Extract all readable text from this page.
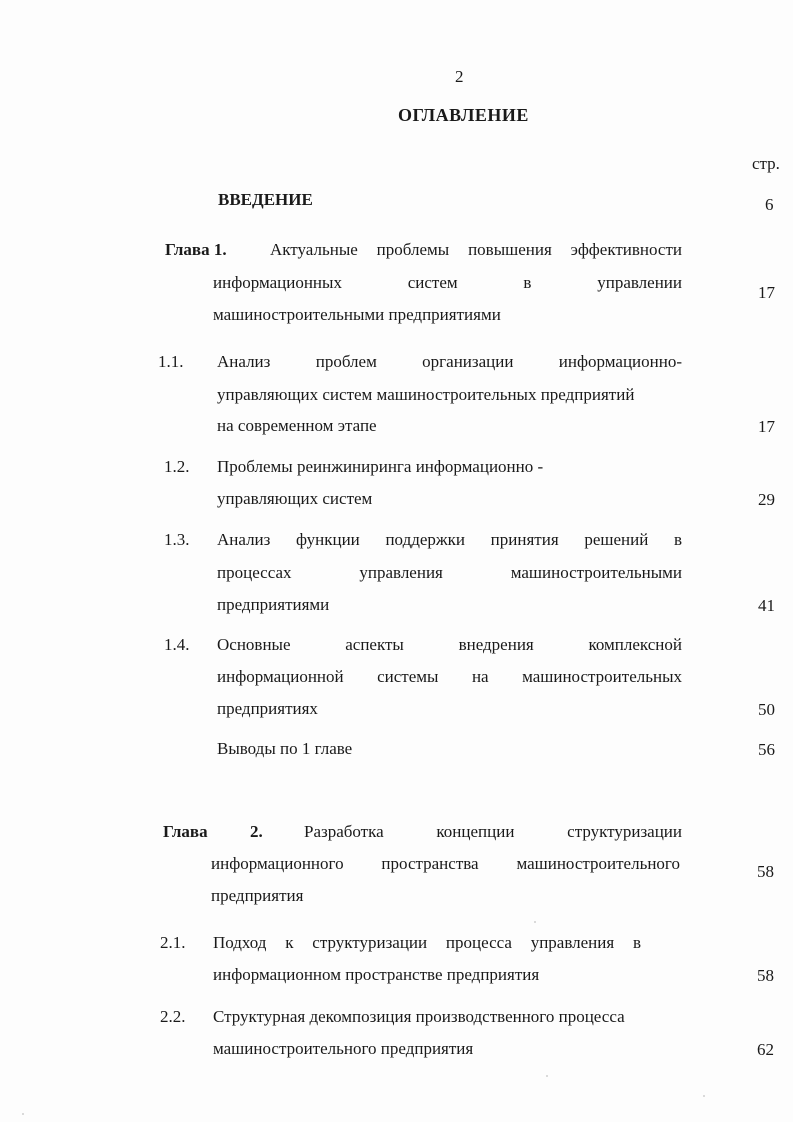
2
ОГЛАВЛЕНИЕ
стр.
ВВЕДЕНИЕ	6
Глава 1.	Актуальные проблемы повышения эффективности
информационных систем в управлении
машиностроительными предприятиями
17
1.1. Анализ проблем организации информационно-
управляющих систем машиностроительных предприятий
на современном этапе	17
1.2. Проблемы реинжиниринга информационно -
управляющих систем	29
1.3. Анализ функции поддержки принятия решений в
процессах управления машиностроительными
предприятиями	41
1.4. Основные аспекты внедрения комплексной
информационной системы на машиностроительных
предприятиях	50
Выводы по 1 главе	56
Глава 2. Разработка концепции структуризации
информационного пространства машиностроительного
предприятия
58
2.1. Подход к структуризации процесса управления в
информационном пространстве предприятия	58
2.2. Структурная декомпозиция производственного процесса
машиностроительного предприятия	62
